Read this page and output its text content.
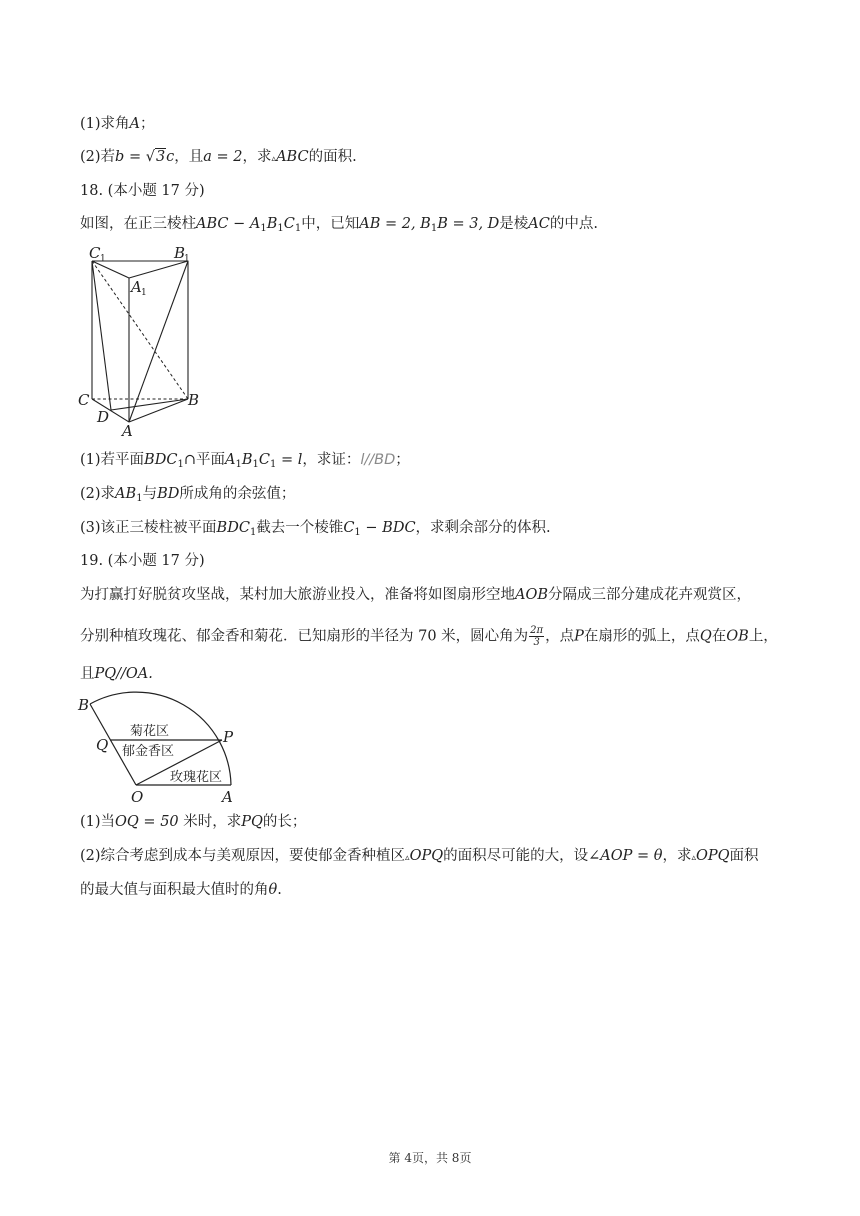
(1)求角A；
(2)若b = √3c，且a = 2，求▵ABC的面积.
18. (本小题 17 分)
如图，在正三棱柱ABC − $A_1B_1C_1$中，已知AB = 2, $B_1B = 3$, D是棱AC的中点.
C 1	B
1
A 1
C	B
D
A
(1)若平面$BDC_1\cap$平面$A_1B_1C_1 = l$，求证：l//BD；
(2)求$AB_1$与BD所成角的余弦值；
(3)该正三棱柱被平面$BDC_1$截去一个棱锥$C_1$ − BDC，求剩余部分的体积.
19. (本小题 17 分)
为打赢打好脱贫攻坚战，某村加大旅游业投入，准备将如图扇形空地AOB分隔成三部分建成花卉观赏区，
分别种植玫瑰花、郁金香和菊花．已知扇形的半径为 70 米，圆心角为 $\frac{2\pi}{3}$ ，点P在扇形的弧上，点Q在OB上，
且PQ//OA.
B
Q	P
O	A
菊花区
郁金香区
玫瑰花区
(1)当OQ = 50 米时，求PQ的长；
(2)综合考虑到成本与美观原因，要使郁金香种植区▵OPQ的面积尽可能的大，设∠AOP = θ，求▵OPQ面积
的最大值与面积最大值时的角θ.
第 4页，共 8页
